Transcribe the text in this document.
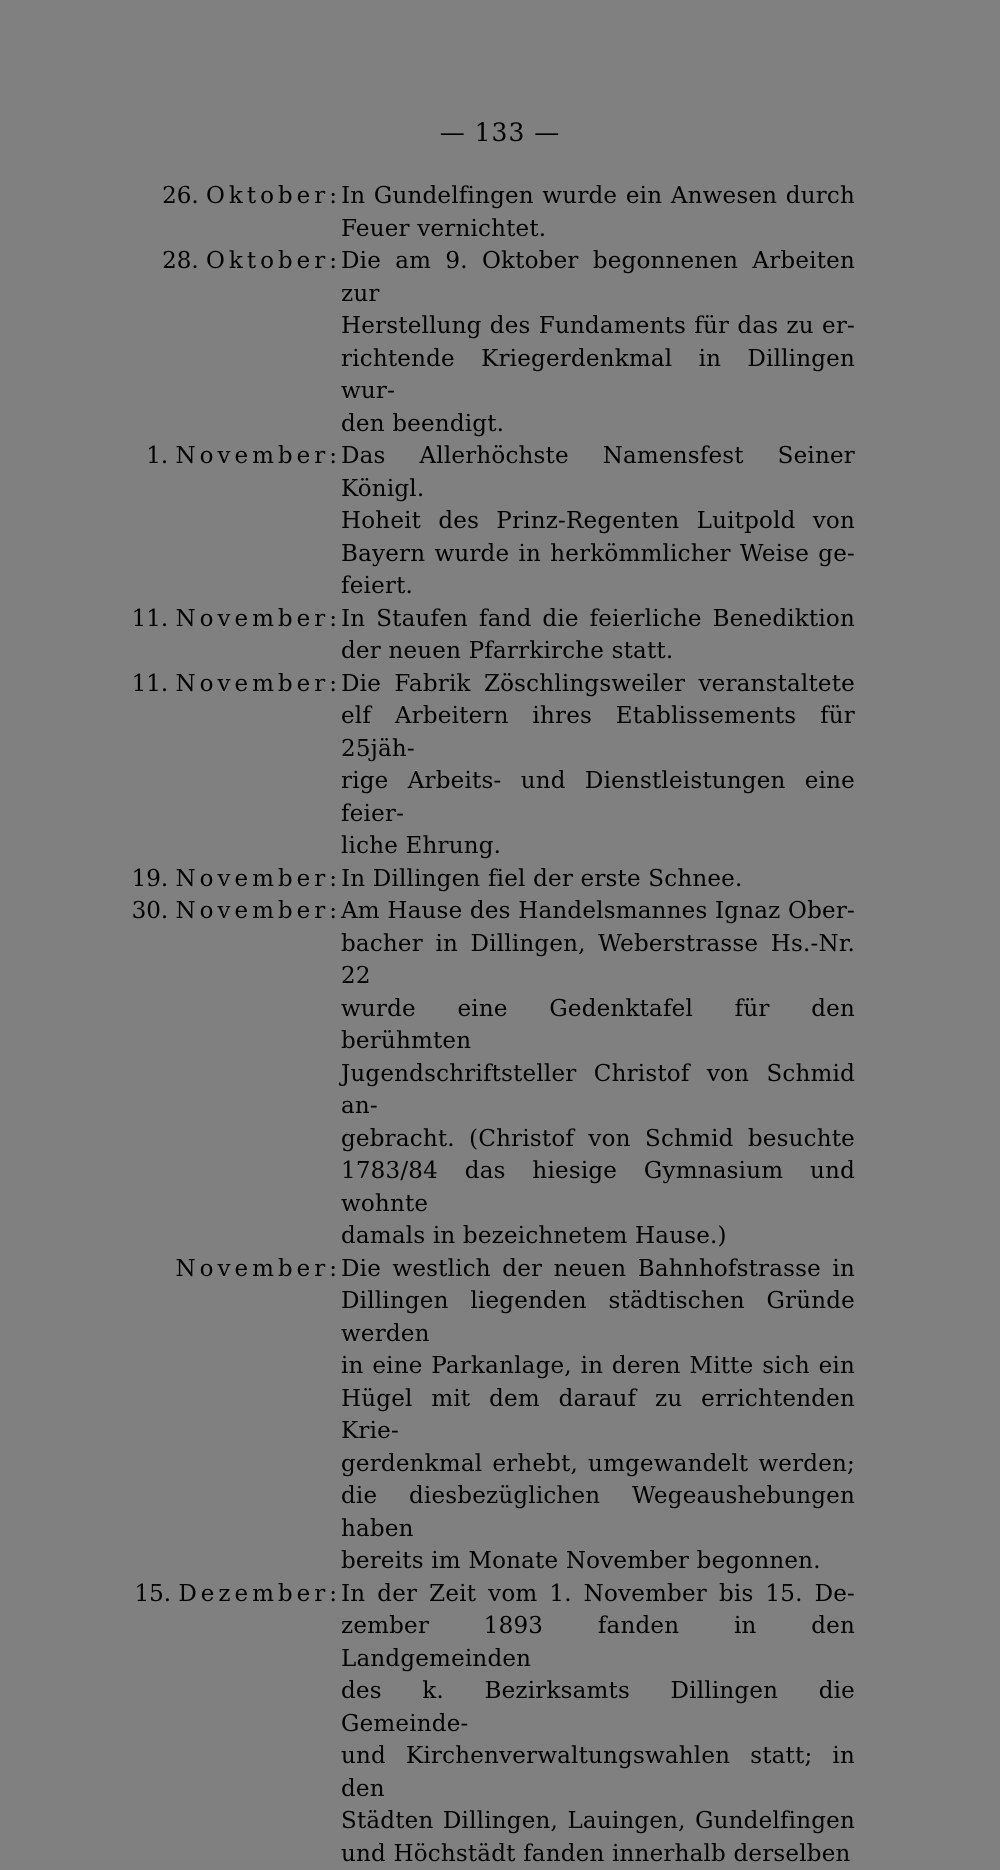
— 133 —
26. Oktober: In Gundelfingen wurde ein Anwesen durch
Feuer vernichtet.
28. Oktober: Die am 9. Oktober begonnenen Arbeiten zur
Herstellung des Fundaments für das zu er-
richtende Kriegerdenkmal in Dillingen wur-
den beendigt.
1. November: Das Allerhöchste Namensfest Seiner Königl.
Hoheit des Prinz-Regenten Luitpold von
Bayern wurde in herkömmlicher Weise ge-
feiert.
11. November: In Staufen fand die feierliche Benediktion
der neuen Pfarrkirche statt.
11. November: Die Fabrik Zöschlingsweiler veranstaltete
elf Arbeitern ihres Etablissements für 25jäh-
rige Arbeits- und Dienstleistungen eine feier-
liche Ehrung.
19. November: In Dillingen fiel der erste Schnee.
30. November: Am Hause des Handelsmannes Ignaz Ober-
bacher in Dillingen, Weberstrasse Hs.-Nr. 22
wurde eine Gedenktafel für den berühmten
Jugendschriftsteller Christof von Schmid an-
gebracht. (Christof von Schmid besuchte
1783/84 das hiesige Gymnasium und wohnte
damals in bezeichnetem Hause.)
November: Die westlich der neuen Bahnhofstrasse in
Dillingen liegenden städtischen Gründe werden
in eine Parkanlage, in deren Mitte sich ein
Hügel mit dem darauf zu errichtenden Krie-
gerdenkmal erhebt, umgewandelt werden;
die diesbezüglichen Wegeaushebungen haben
bereits im Monate November begonnen.
15. Dezember: In der Zeit vom 1. November bis 15. De-
zember 1893 fanden in den Landgemeinden
des k. Bezirksamts Dillingen die Gemeinde-
und Kirchenverwaltungswahlen statt; in den
Städten Dillingen, Lauingen, Gundelfingen
und Höchstädt fanden innerhalb derselben
